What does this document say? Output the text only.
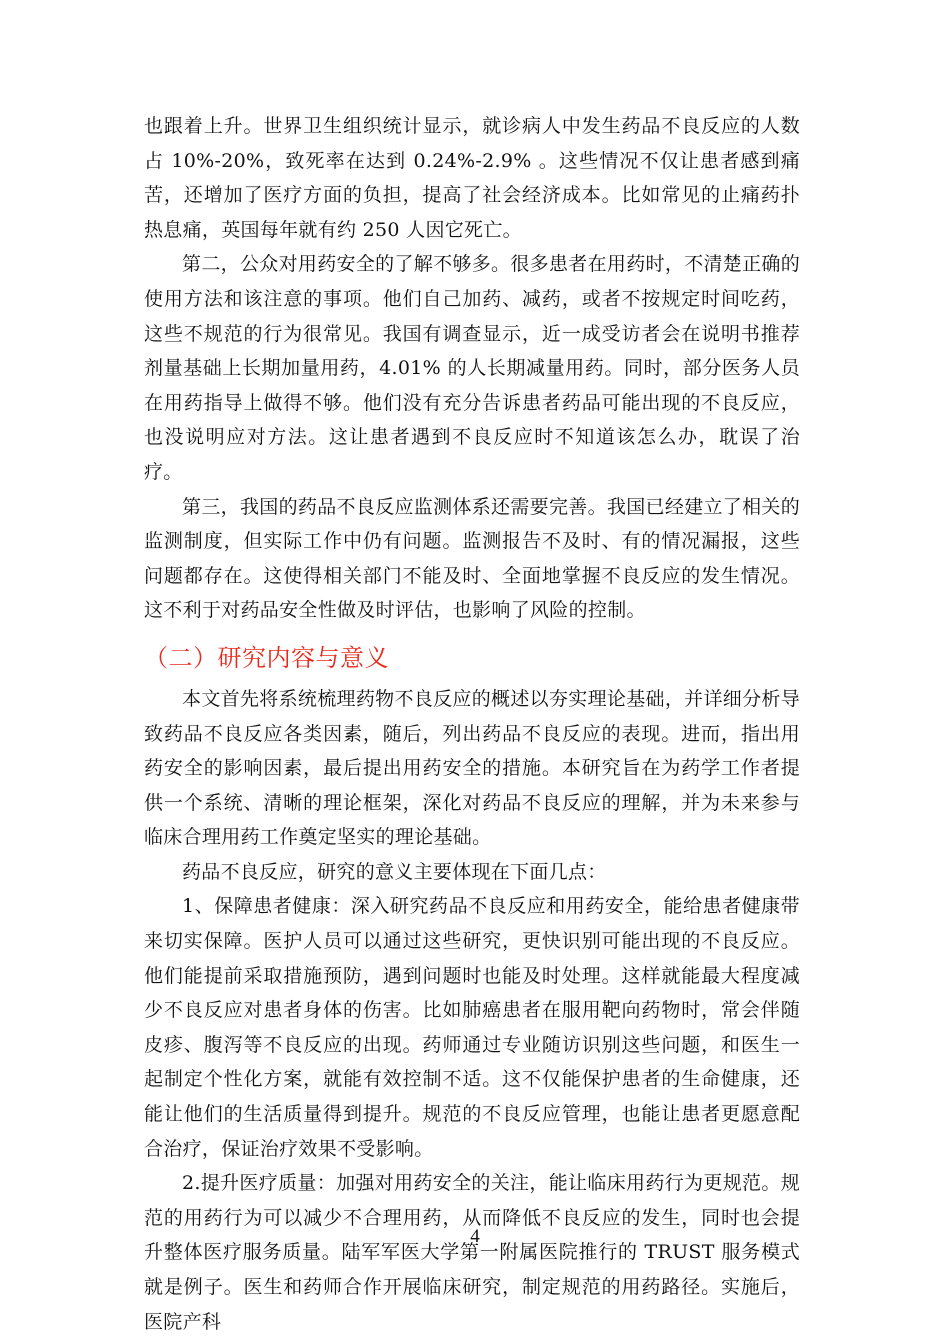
也跟着上升。世界卫生组织统计显示，就诊病人中发生药品不良反应的人数占 10%-20%，致死率在达到 0.24%-2.9% 。这些情况不仅让患者感到痛苦，还增加了医疗方面的负担，提高了社会经济成本。比如常见的止痛药扑热息痛，英国每年就有约 250 人因它死亡。

第二，公众对用药安全的了解不够多。很多患者在用药时，不清楚正确的使用方法和该注意的事项。他们自己加药、减药，或者不按规定时间吃药，这些不规范的行为很常见。我国有调查显示，近一成受访者会在说明书推荐剂量基础上长期加量用药，4.01% 的人长期减量用药。同时，部分医务人员在用药指导上做得不够。他们没有充分告诉患者药品可能出现的不良反应，也没说明应对方法。这让患者遇到不良反应时不知道该怎么办，耽误了治疗。

第三，我国的药品不良反应监测体系还需要完善。我国已经建立了相关的监测制度，但实际工作中仍有问题。监测报告不及时、有的情况漏报，这些问题都存在。这使得相关部门不能及时、全面地掌握不良反应的发生情况。这不利于对药品安全性做及时评估，也影响了风险的控制。

（二）研究内容与意义

本文首先将系统梳理药物不良反应的概述以夯实理论基础，并详细分析导致药品不良反应各类因素，随后，列出药品不良反应的表现。进而，指出用药安全的影响因素，最后提出用药安全的措施。本研究旨在为药学工作者提供一个系统、清晰的理论框架，深化对药品不良反应的理解，并为未来参与临床合理用药工作奠定坚实的理论基础。

药品不良反应，研究的意义主要体现在下面几点：

1、保障患者健康：深入研究药品不良反应和用药安全，能给患者健康带来切实保障。医护人员可以通过这些研究，更快识别可能出现的不良反应。他们能提前采取措施预防，遇到问题时也能及时处理。这样就能最大程度减少不良反应对患者身体的伤害。比如肺癌患者在服用靶向药物时，常会伴随皮疹、腹泻等不良反应的出现。药师通过专业随访识别这些问题，和医生一起制定个性化方案，就能有效控制不适。这不仅能保护患者的生命健康，还能让他们的生活质量得到提升。规范的不良反应管理，也能让患者更愿意配合治疗，保证治疗效果不受影响。

2.提升医疗质量：加强对用药安全的关注，能让临床用药行为更规范。规范的用药行为可以减少不合理用药，从而降低不良反应的发生，同时也会提升整体医疗服务质量。陆军军医大学第一附属医院推行的 TRUST 服务模式就是例子。医生和药师合作开展临床研究，制定规范的用药路径。实施后，医院产科

4
